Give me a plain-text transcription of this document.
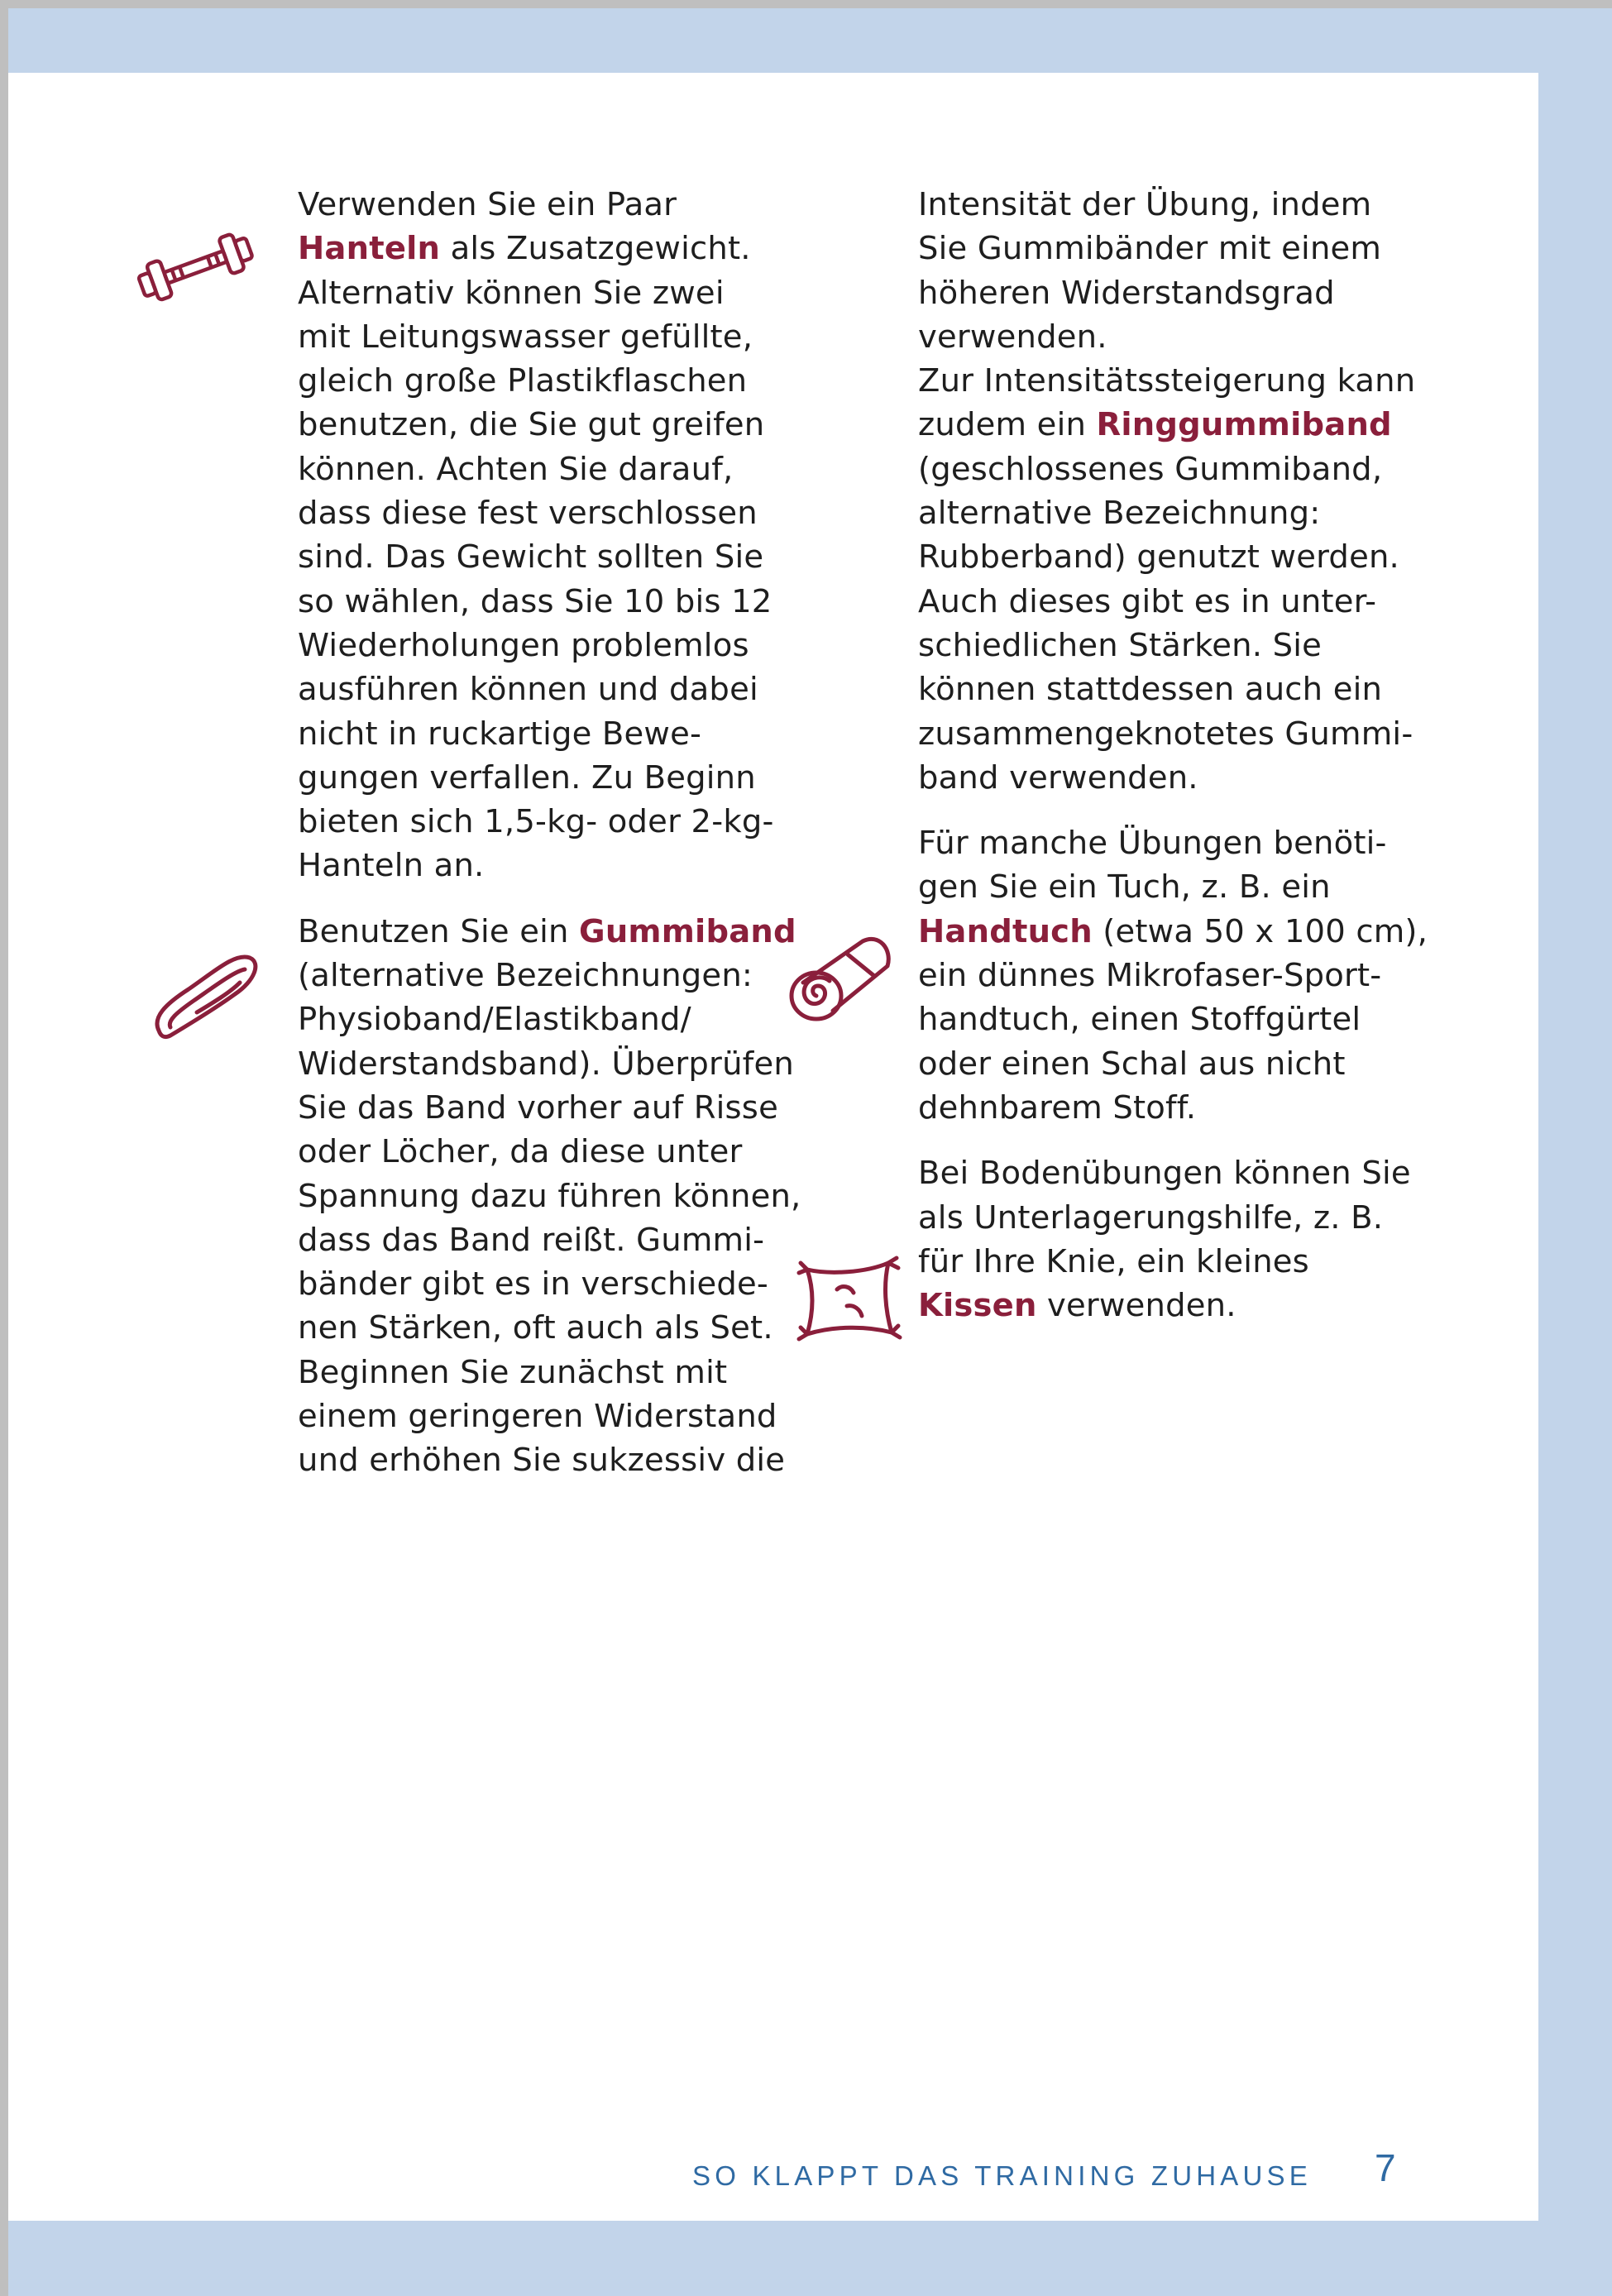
Verwenden Sie ein Paar
Hanteln als Zusatzgewicht.
Alternativ können Sie zwei
mit Leitungswasser gefüllte,
gleich große Plastikflaschen
benutzen, die Sie gut greifen
können. Achten Sie darauf,
dass diese fest verschlossen
sind. Das Gewicht sollten Sie
so wählen, dass Sie 10 bis 12
Wiederholungen problemlos
ausführen können und dabei
nicht in ruckartige Bewe-
gungen verfallen. Zu Beginn
bieten sich 1,5-kg- oder 2-kg-
Hanteln an.

Benutzen Sie ein Gummiband
(alternative Bezeichnungen:
Physioband/Elastikband/
Widerstandsband). Überprüfen
Sie das Band vorher auf Risse
oder Löcher, da diese unter
Spannung dazu führen können,
dass das Band reißt. Gummi-
bänder gibt es in verschiede-
nen Stärken, oft auch als Set.
Beginnen Sie zunächst mit
einem geringeren Widerstand
und erhöhen Sie sukzessiv die

Intensität der Übung, indem
Sie Gummibänder mit einem
höheren Widerstandsgrad
verwenden.
Zur Intensitätssteigerung kann
zudem ein Ringgummiband
(geschlossenes Gummiband,
alternative Bezeichnung:
Rubberband) genutzt werden.
Auch dieses gibt es in unter-
schiedlichen Stärken. Sie
können stattdessen auch ein
zusammengeknotetes Gummi-
band verwenden.

Für manche Übungen benöti-
gen Sie ein Tuch, z. B. ein
Handtuch (etwa 50 x 100 cm),
ein dünnes Mikrofaser-Sport-
handtuch, einen Stoffgürtel
oder einen Schal aus nicht
dehnbarem Stoff.

Bei Bodenübungen können Sie
als Unterlagerungshilfe, z. B.
für Ihre Knie, ein kleines
Kissen verwenden.

SO KLAPPT DAS TRAINING ZUHAUSE 7
